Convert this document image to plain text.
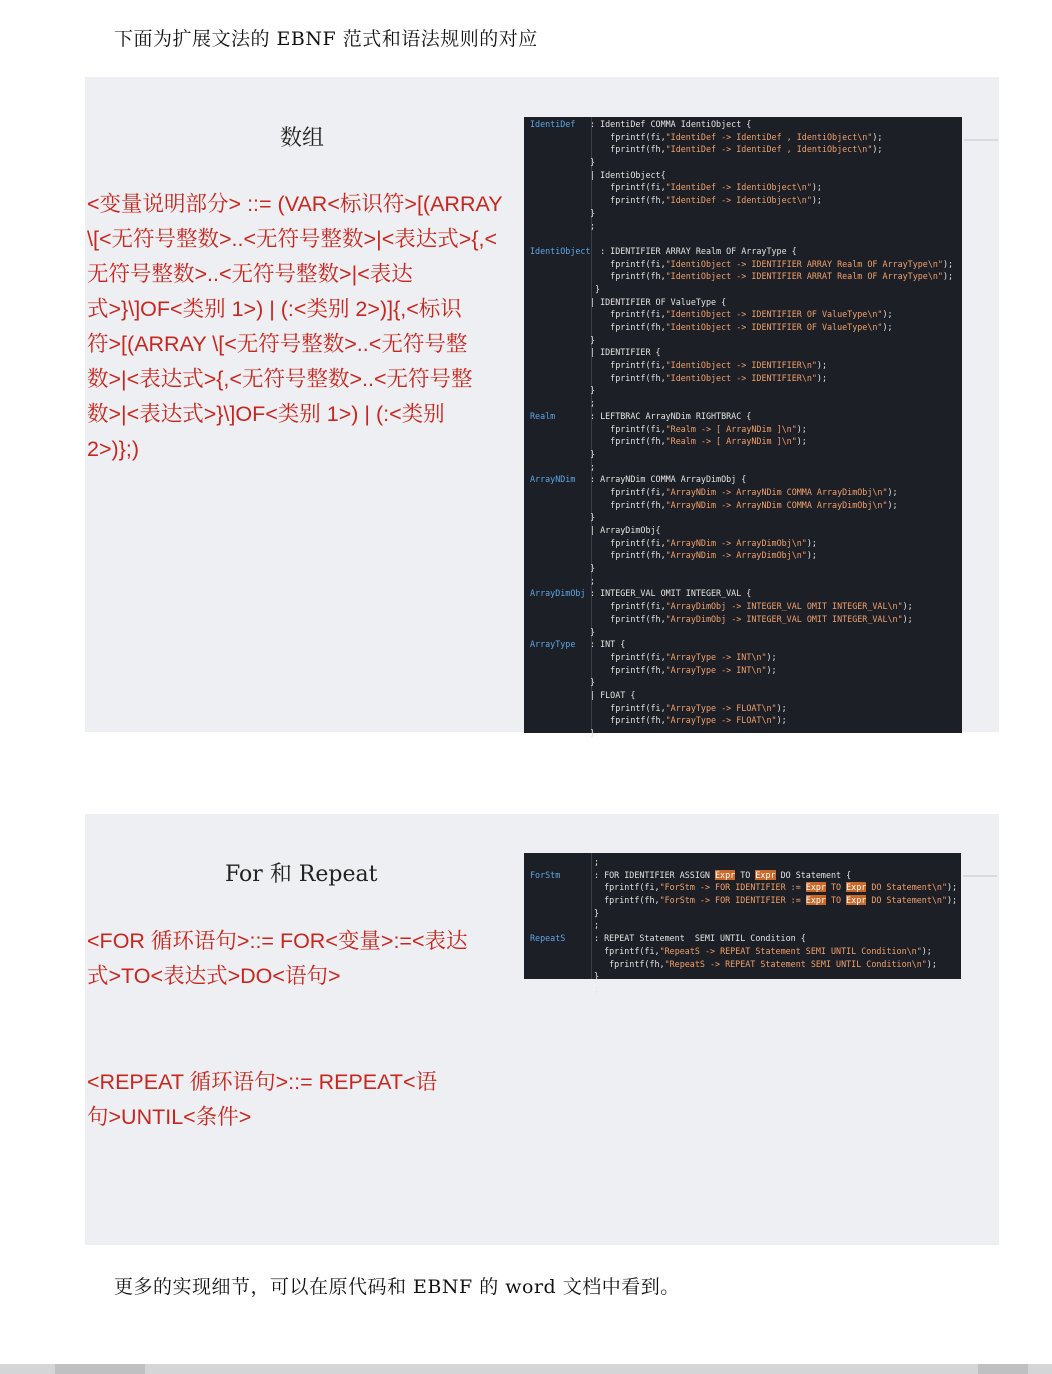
下面为扩展文法的 EBNF 范式和语法规则的对应
数组
<变量说明部分> ::= (VAR<标识符>[(ARRAY
\[<无符号整数>..<无符号整数>|<表达式>{,<
无符号整数>..<无符号整数>|<表达
式>}\]OF<类别 1>) | (:<类别 2>)]{,<标识
符>[(ARRAY \[<无符号整数>..<无符号整
数>|<表达式>{,<无符号整数>..<无符号整
数>|<表达式>}\]OF<类别 1>) | (:<类别
2>)};)
IdentiDef : IdentiDef COMMA IdentiObject {
fprintf(fi,"IdentiDef -> IdentiDef , IdentiObject\n");
fprintf(fh,"IdentiDef -> IdentiDef , IdentiObject\n");
}
| IdentiObject{
fprintf(fi,"IdentiDef -> IdentiObject\n");
fprintf(fh,"IdentiDef -> IdentiObject\n");
}
;
IdentiObject : IDENTIFIER ARRAY Realm OF ArrayType {
fprintf(fi,"IdentiObject -> IDENTIFIER ARRAY Realm OF ArrayType\n");
fprintf(fh,"IdentiObject -> IDENTIFIER ARRAT Realm OF ArrayType\n");
}
| IDENTIFIER OF ValueType {
fprintf(fi,"IdentiObject -> IDENTIFIER OF ValueType\n");
fprintf(fh,"IdentiObject -> IDENTIFIER OF ValueType\n");
}
| IDENTIFIER {
fprintf(fi,"IdentiObject -> IDENTIFIER\n");
fprintf(fh,"IdentiObject -> IDENTIFIER\n");
}
;
Realm	: LEFTBRAC ArrayNDim RIGHTBRAC {
fprintf(fi,"Realm -> [ ArrayNDim ]\n");
fprintf(fh,"Realm -> [ ArrayNDim ]\n");
}
;
ArrayNDim : ArrayNDim COMMA ArrayDimObj {
fprintf(fi,"ArrayNDim -> ArrayNDim COMMA ArrayDimObj\n");
fprintf(fh,"ArrayNDim -> ArrayNDim COMMA ArrayDimObj\n");
}
| ArrayDimObj{
fprintf(fi,"ArrayNDim -> ArrayDimObj\n");
fprintf(fh,"ArrayNDim -> ArrayDimObj\n");
}
;
ArrayDimObj : INTEGER_VAL OMIT INTEGER_VAL {
fprintf(fi,"ArrayDimObj -> INTEGER_VAL OMIT INTEGER_VAL\n");
fprintf(fh,"ArrayDimObj -> INTEGER_VAL OMIT INTEGER_VAL\n");
}
ArrayType : INT {
fprintf(fi,"ArrayType -> INT\n");
fprintf(fh,"ArrayType -> INT\n");
}
| FLOAT {
fprintf(fi,"ArrayType -> FLOAT\n");
fprintf(fh,"ArrayType -> FLOAT\n");
}
For 和 Repeat
<FOR 循环语句>::= FOR<变量>:=<表达
式>TO<表达式>DO<语句>
<REPEAT 循环语句>::= REPEAT<语
句>UNTIL<条件>
;
ForStm	: FOR IDENTIFIER ASSIGN Expr TO Expr DO Statement {
fprintf(fi,"ForStm -> FOR IDENTIFIER := Expr TO Expr DO Statement\n");
fprintf(fh,"ForStm -> FOR IDENTIFIER := Expr TO Expr DO Statement\n");
}
;
RepeatS	: REPEAT Statement  SEMI UNTIL Condition {
fprintf(fi,"RepeatS -> REPEAT Statement SEMI UNTIL Condition\n");
fprintf(fh,"RepeatS -> REPEAT Statement SEMI UNTIL Condition\n");
}
;
更多的实现细节，可以在原代码和 EBNF 的 word 文档中看到。
